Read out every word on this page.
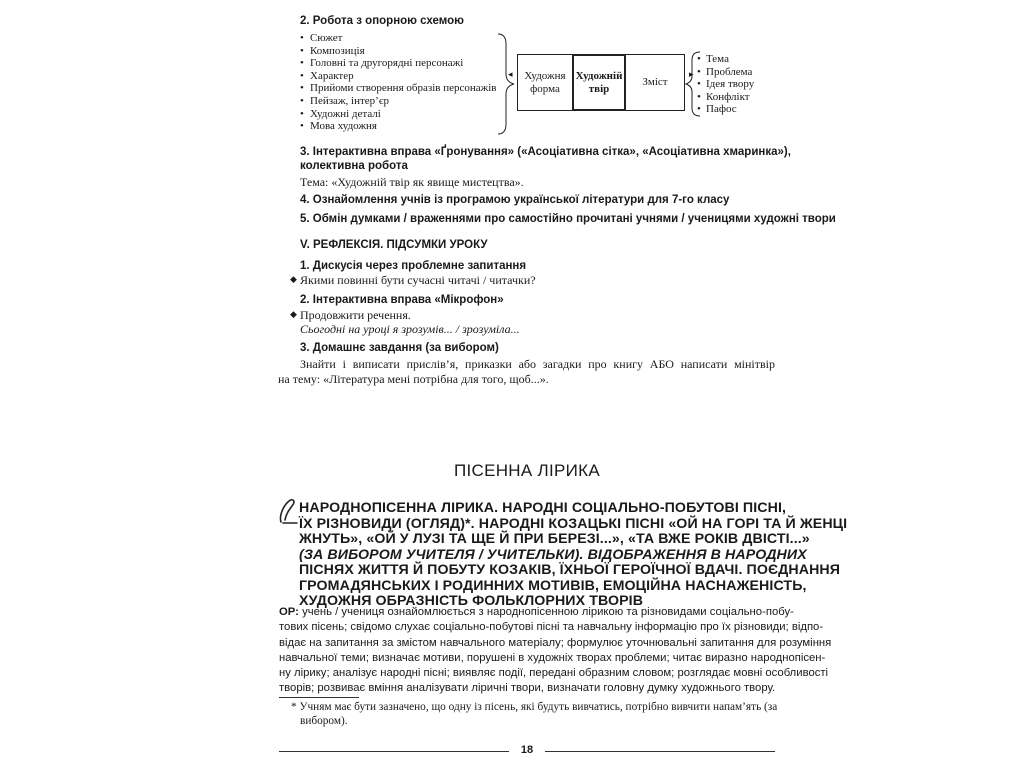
2. Робота з опорною схемою
• Сюжет
• Композиція
• Головні та другорядні персонажі
• Характер
• Прийоми створення образів персонажів
• Пейзаж, інтер’єр
• Художні деталі
• Мова художня
◂	▸
Художня форма
Художній твір
Зміст
• Тема
• Проблема
• Ідея твору
• Конфлікт
• Пафос
3. Інтерактивна вправа «Ґронування» («Асоціативна сітка», «Асоціативна хмаринка»),
колективна робота
Тема: «Художній твір як явище мистецтва».
4. Ознайомлення учнів із програмою української літератури для 7-го класу
5. Обмін думками / враженнями про самостійно прочитані учнями / ученицями художні твори
V. РЕФЛЕКСІЯ. ПІДСУМКИ УРОКУ
1. Дискусія через проблемне запитання
◆ Якими повинні бути сучасні читачі / читачки?
2. Інтерактивна вправа «Мікрофон»
◆ Продовжити речення.
Сьогодні на уроці я зрозумів... / зрозуміла...
3. Домашнє завдання (за вибором)
Знайти і виписати прислів’я, приказки або загадки про книгу АБО написати мінітвір
на тему: «Література мені потрібна для того, щоб...».
ПІСЕННА ЛІРИКА
НАРОДНОПІСЕННА ЛІРИКА. НАРОДНІ СОЦІАЛЬНО-ПОБУТОВІ ПІСНІ,
ЇХ РІЗНОВИДИ (ОГЛЯД)*. НАРОДНІ КОЗАЦЬКІ ПІСНІ «ОЙ НА ГОРІ ТА Й ЖЕНЦІ
ЖНУТЬ», «ОЙ У ЛУЗІ ТА ЩЕ Й ПРИ БЕРЕЗІ...», «ТА ВЖЕ РОКІВ ДВІСТІ...»
(ЗА ВИБОРОМ УЧИТЕЛЯ / УЧИТЕЛЬКИ). ВІДОБРАЖЕННЯ В НАРОДНИХ
ПІСНЯХ ЖИТТЯ Й ПОБУТУ КОЗАКІВ, ЇХНЬОЇ ГЕРОЇЧНОЇ ВДАЧІ. ПОЄДНАННЯ
ГРОМАДЯНСЬКИХ І РОДИННИХ МОТИВІВ, ЕМОЦІЙНА НАСНАЖЕНІСТЬ,
ХУДОЖНЯ ОБРАЗНІСТЬ ФОЛЬКЛОРНИХ ТВОРІВ
ОР: учень / учениця ознайомлюється з народнопісенною лірикою та різновидами соціально-побу-
тових пісень; свідомо слухає соціально-побутові пісні та навчальну інформацію про їх різновиди; відпо-
відає на запитання за змістом навчального матеріалу; формулює уточнювальні запитання для розуміння
навчальної теми; визначає мотиви, порушені в художніх творах проблеми; читає виразно народнопісен-
ну лірику; аналізує народні пісні; виявляє події, передані образним словом; розглядає мовні особливості
творів; розвиває вміння аналізувати ліричні твори, визначати головну думку художнього твору.
* Учням має бути зазначено, що одну із пісень, які будуть вивчатись, потрібно вивчити напам’ять (за
вибором).
18
